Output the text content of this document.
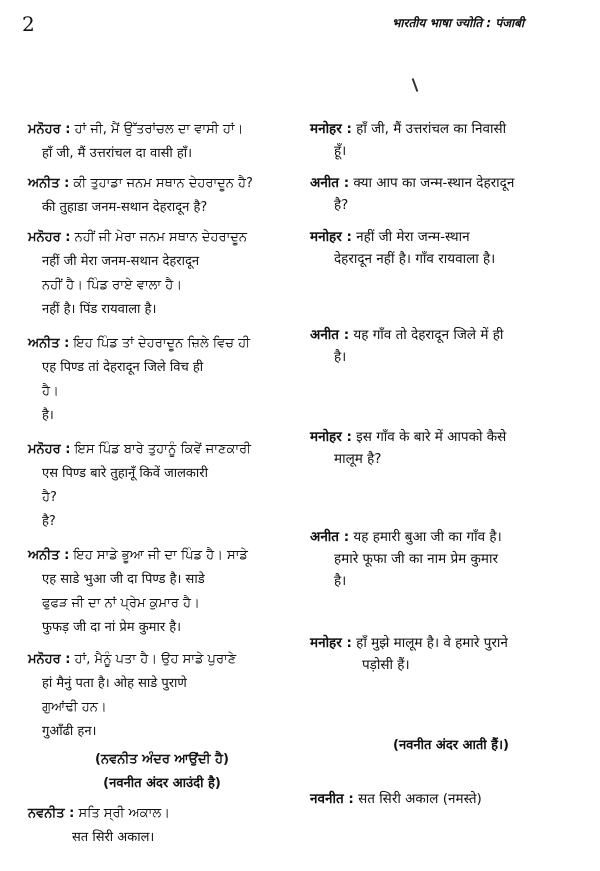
2	भारतीय भाषा ज्योति : पंजाबी
ਮਨੋਹਰ : ਹਾਂ ਜੀ, ਮੈਂ ਉੱਤਰਾਂਚਲ ਦਾ ਵਾਸੀ ਹਾਂ।
हाँ जी, मैं उत्तरांचल दा वासी हाँ।
ਅਨੀਤ : ਕੀ ਤੁਹਾਡਾ ਜਨਮ ਸਥਾਨ ਦੇਹਰਾਦੂਨ ਹੈ?
की तुहाडा जनम-सथान देहरादून है?
ਮਨੋਹਰ : ਨਹੀਂ ਜੀ ਮੇਰਾ ਜਨਮ ਸਥਾਨ ਦੇਹਰਾਦੂਨ
नहीं जी मेरा जनम-सथान देहरादून
ਨਹੀਂ ਹੈ। ਪਿੰਡ ਰਾਏ ਵਾਲਾ ਹੈ।
नहीं है। पिंड रायवाला है।
ਅਨੀਤ : ਇਹ ਪਿੰਡ ਤਾਂ ਦੇਹਰਾਦੂਨ ਜ਼ਿਲੇ ਵਿਚ ਹੀ
एह पिण्ड तां देहरादून जिले विच ही
ਹੈ।
है।
ਮਨੋਹਰ : ਇਸ ਪਿੰਡ ਬਾਰੇ ਤੁਹਾਨੂੰ ਕਿਵੇਂ ਜਾਣਕਾਰੀ
एस पिण्ड बारे तुहानूँ किवें जालकारी
ਹੈ?
है?
ਅਨੀਤ : ਇਹ ਸਾਡੇ ਭੂਆ ਜੀ ਦਾ ਪਿੰਡ ਹੈ। ਸਾਡੇ
एह साडे भुआ जी दा पिण्ड है। साडे
ਫੁਫੜ ਜੀ ਦਾ ਨਾਂ ਪ੍ਰੇਮ ਕੁਮਾਰ ਹੈ।
फुफड़ जी दा नां प्रेम कुमार है।
ਮਨੋਹਰ : ਹਾਂ, ਮੈਨੂੰ ਪਤਾ ਹੈ। ਉਹ ਸਾਡੇ ਪੁਰਾਣੇ
हां मैनुं पता है। ओह साडे पुराणे
ਗੁਆਂਢੀ ਹਨ।
गुआँढी हन।

(ਨਵਨੀਤ ਅੰਦਰ ਆਉਂਦੀ ਹੈ)

(नवनीत अंदर आउंदी है)

ਨਵਨੀਤ : ਸਤਿ ਸ੍ਰੀ ਅਕਾਲ।
सत सिरी अकाल।
मनोहर : हाँ जी, मैं उत्तरांचल का निवासी
हूँ।
अनीत : क्या आप का जन्म-स्थान देहरादून
है?
मनोहर : नहीं जी मेरा जन्म-स्थान
देहरादून नहीं है। गाँव रायवाला है।
अनीत : यह गाँव तो देहरादून जिले में ही
है।
मनोहर : इस गाँव के बारे में आपको कैसे
मालूम है?
अनीत : यह हमारी बुआ जी का गाँव है।
हमारे फूफा जी का नाम प्रेम कुमार
है।
मनोहर : हाँ मुझे मालूम है। वे हमारे पुराने
पड़ोसी हैं।

(नवनीत अंदर आती हैं।)

नवनीत : सत सिरी अकाल (नमस्ते)
